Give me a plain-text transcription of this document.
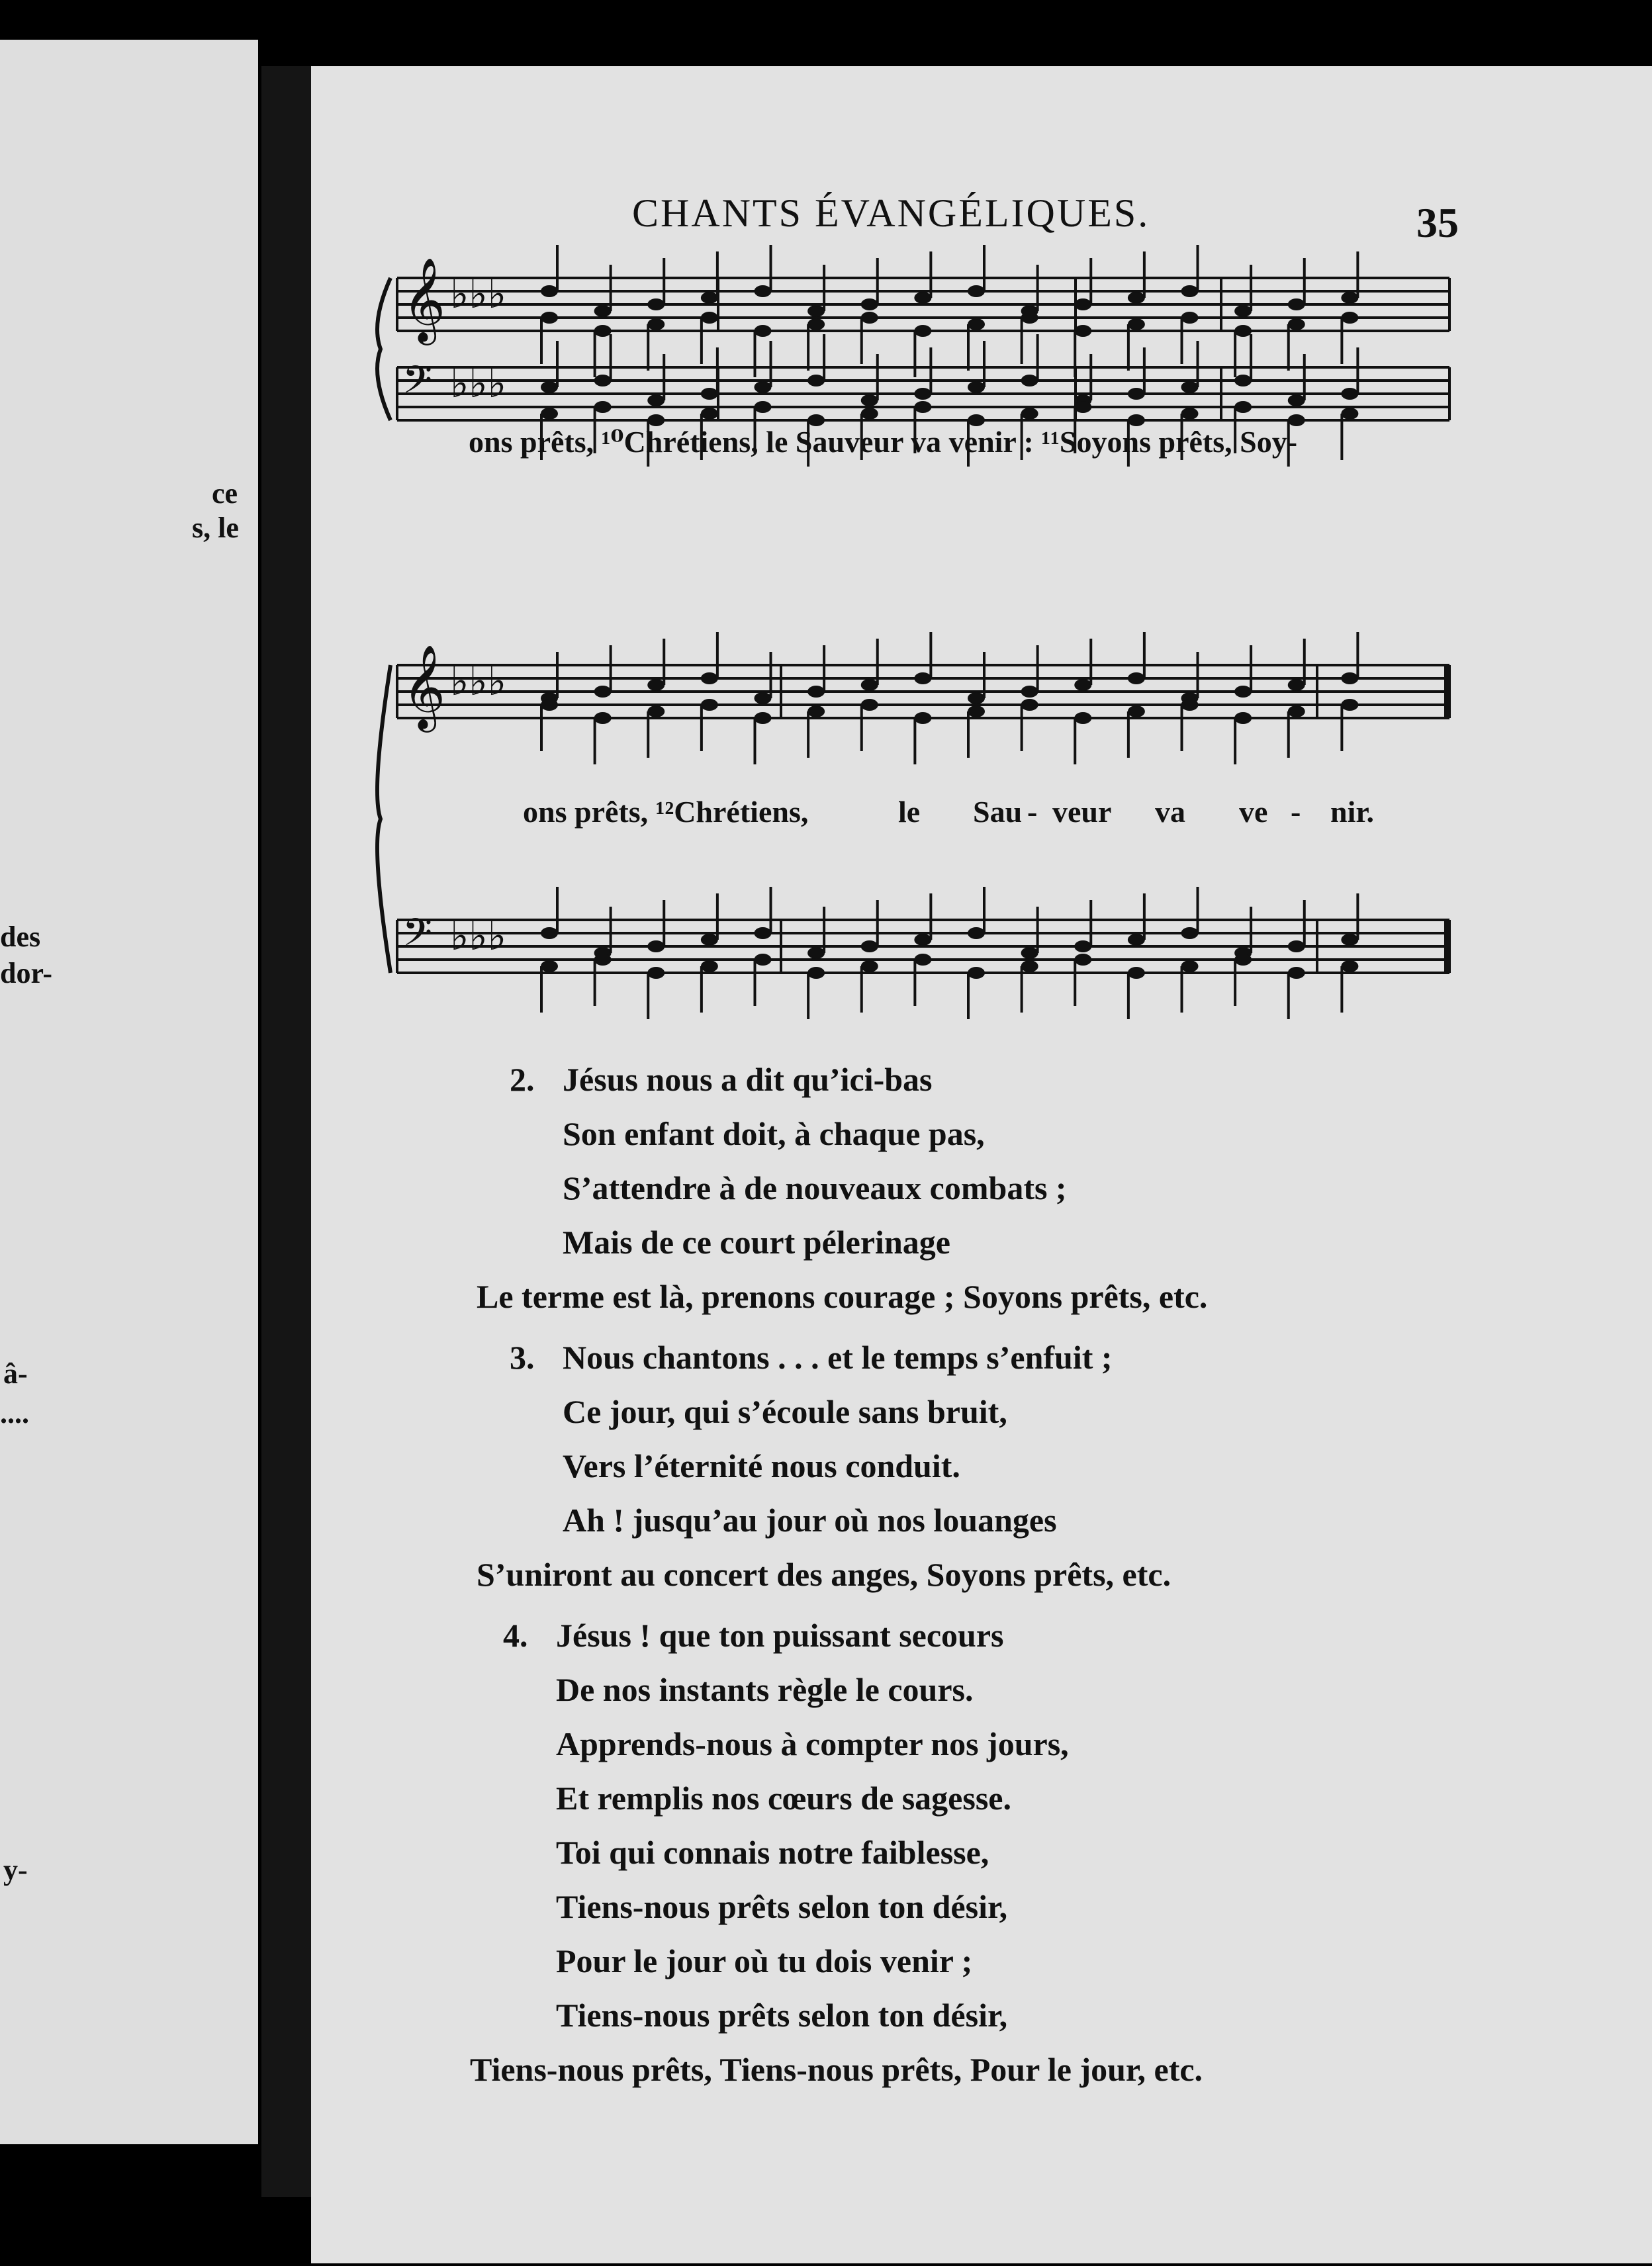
ce
s, le
des
dor-
â-
....
y-
CHANTS ÉVANGÉLIQUES.	35
𝄞 ♭♭♭
𝄢 ♭♭♭
𝄞 ♭♭♭
𝄢 ♭♭♭
ons prêts, ¹⁰Chrétiens, le Sauveur va venir : ¹¹Soyons prêts, Soy-
ons prêts, ¹²Chrétiens,	le Sau - veur va ve - nir.
2. Jésus nous a dit qu’ici-bas
Son enfant doit, à chaque pas,
S’attendre à de nouveaux combats ;
Mais de ce court pélerinage
Le terme est là, prenons courage ; Soyons prêts, etc.
3. Nous chantons . . . et le temps s’enfuit ;
Ce jour, qui s’écoule sans bruit,
Vers l’éternité nous conduit.
Ah ! jusqu’au jour où nos louanges
S’uniront au concert des anges, Soyons prêts, etc.
4. Jésus ! que ton puissant secours
De nos instants règle le cours.
Apprends-nous à compter nos jours,
Et remplis nos cœurs de sagesse.
Toi qui connais notre faiblesse,
Tiens-nous prêts selon ton désir,
Pour le jour où tu dois venir ;
Tiens-nous prêts selon ton désir,
Tiens-nous prêts, Tiens-nous prêts, Pour le jour, etc.
